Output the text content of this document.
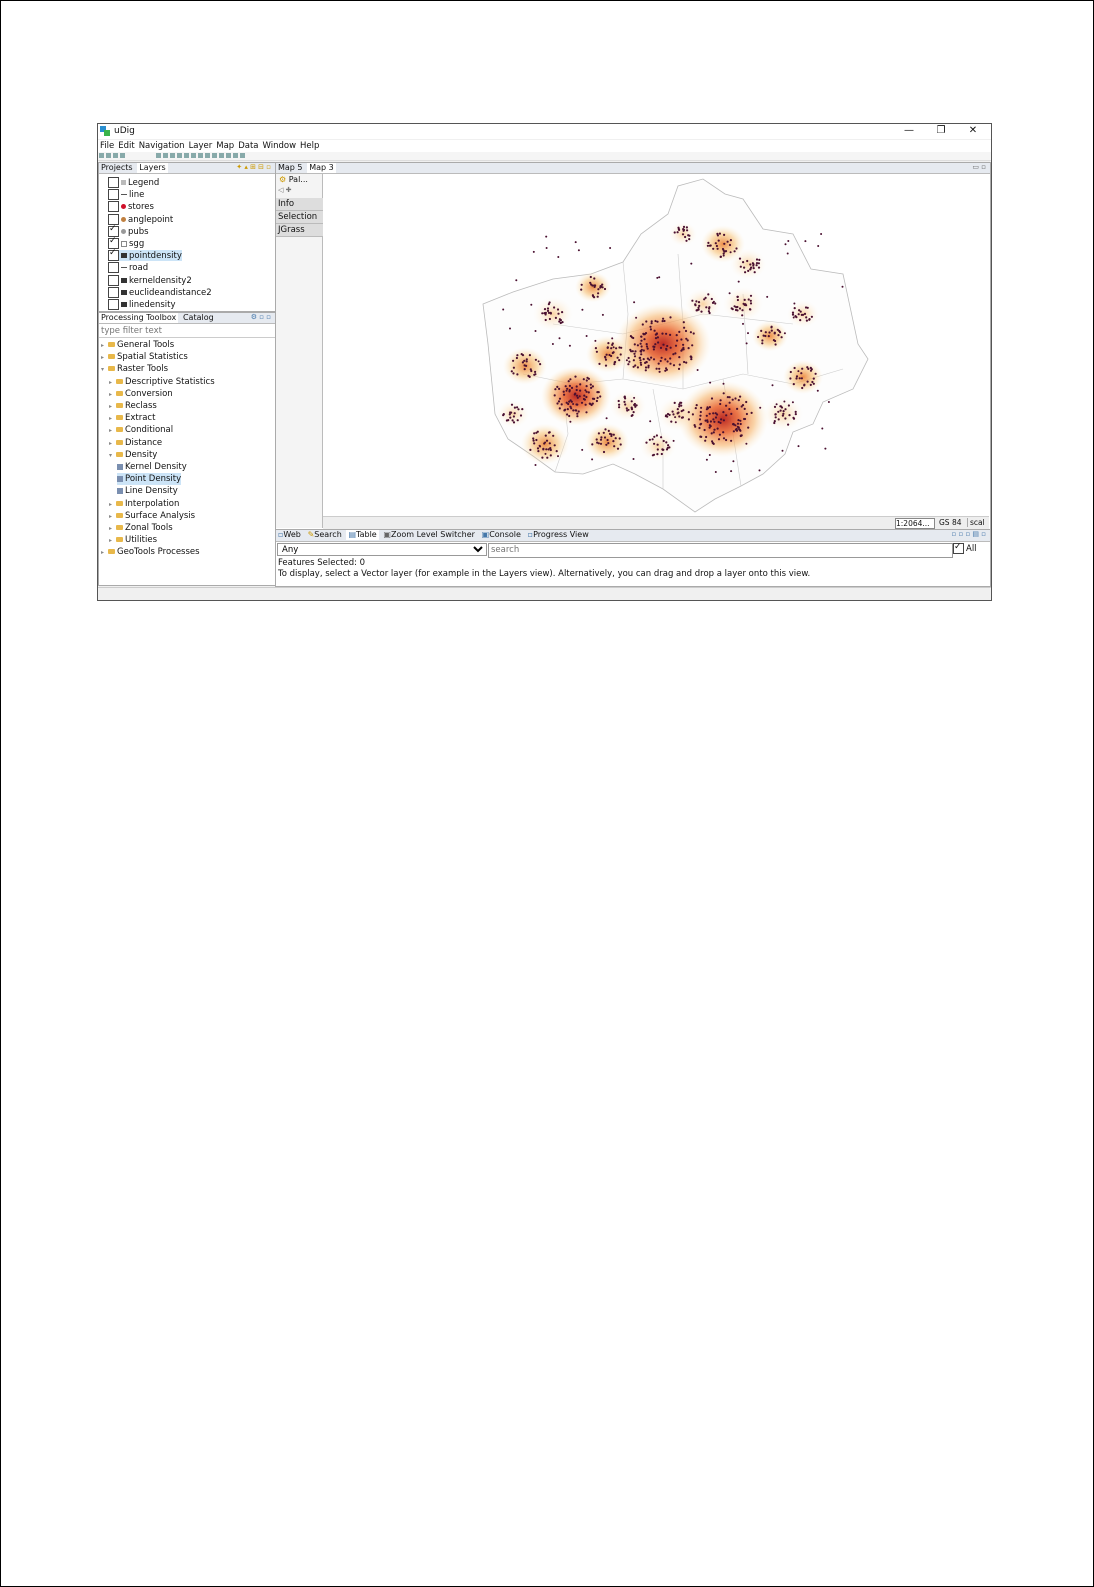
uDig	—	❐	✕
File Edit Navigation Layer Map Data Window Help
Projects Layers	✦ ▴ ⊞ ⊟ ▫
Legend
line
stores
anglepoint
✓pubs
✓sgg
✓pointdensity
road
kerneldensity2
euclideandistance2
linedensity
Processing Toolbox Catalog	⚙ ▫ ▫
type filter text
▸ General Tools
▸ Spatial Statistics
▾ Raster Tools
▸ Descriptive Statistics
▸ Conversion
▸ Reclass
▸ Extract
▸ Conditional
▸ Distance
▾ Density
Kernel Density
Point Density
Line Density
▸ Interpolation
▸ Surface Analysis
▸ Zonal Tools
▸ Utilities
▸ GeoTools Processes
Map 5 Map 3	▭ ▫
⚙ Pal...
◁ ✚
Info
Selection
JGrass
1:2064...	GS 84	scal
▫Web ✎Search ▤Table ▣Zoom Level Switcher ▣Console ▫Progress View	▫ ▫ ▫ ▤ ▫
Any
search
✓All
Features Selected: 0
To display, select a Vector layer (for example in the Layers view). Alternatively, you can drag and drop a layer onto this view.
